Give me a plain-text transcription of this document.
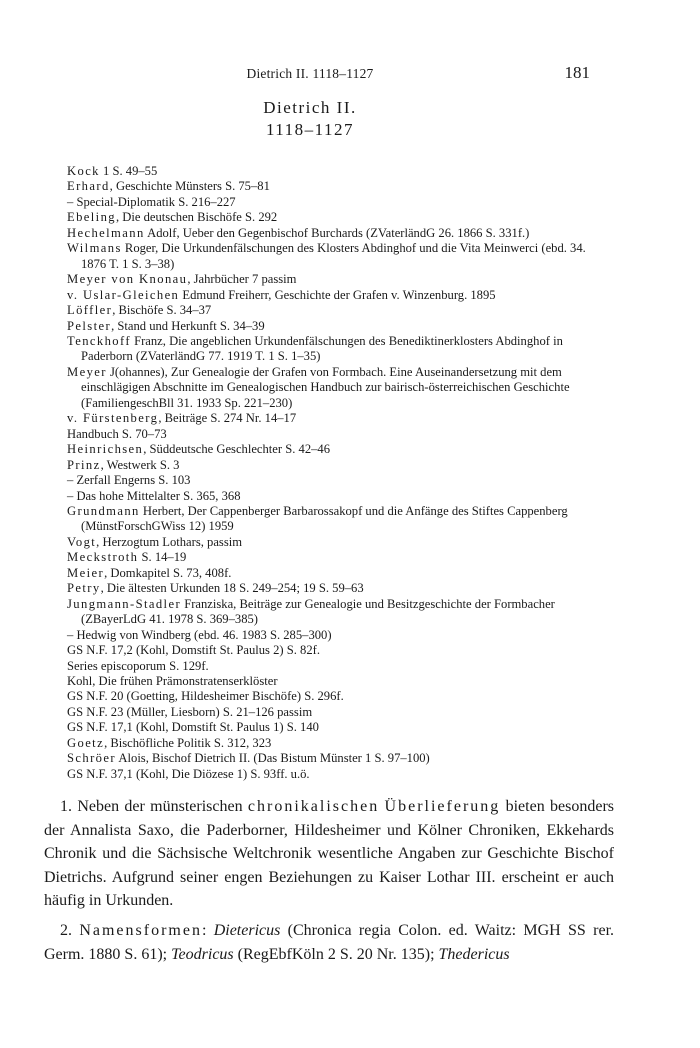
Dietrich II. 1118–1127	181
Dietrich II.
1118–1127
Kock 1 S. 49–55
Erhard, Geschichte Münsters S. 75–81
– Special-Diplomatik S. 216–227
Ebeling, Die deutschen Bischöfe S. 292
Hechelmann Adolf, Ueber den Gegenbischof Burchards (ZVaterländG 26. 1866 S. 331f.)
Wilmans Roger, Die Urkundenfälschungen des Klosters Abdinghof und die Vita Meinwerci (ebd. 34. 1876 T. 1 S. 3–38)
Meyer von Knonau, Jahrbücher 7 passim
v. Uslar-Gleichen Edmund Freiherr, Geschichte der Grafen v. Winzenburg. 1895
Löffler, Bischöfe S. 34–37
Pelster, Stand und Herkunft S. 34–39
Tenckhoff Franz, Die angeblichen Urkundenfälschungen des Benediktinerklosters Abdinghof in Paderborn (ZVaterländG 77. 1919 T. 1 S. 1–35)
Meyer J(ohannes), Zur Genealogie der Grafen von Formbach. Eine Auseinandersetzung mit dem einschlägigen Abschnitte im Genealogischen Handbuch zur bairisch-österreichischen Geschichte (FamiliengeschBll 31. 1933 Sp. 221–230)
v. Fürstenberg, Beiträge S. 274 Nr. 14–17
Handbuch S. 70–73
Heinrichsen, Süddeutsche Geschlechter S. 42–46
Prinz, Westwerk S. 3
– Zerfall Engerns S. 103
– Das hohe Mittelalter S. 365, 368
Grundmann Herbert, Der Cappenberger Barbarossakopf und die Anfänge des Stiftes Cappenberg (MünstForschGWiss 12) 1959
Vogt, Herzogtum Lothars, passim
Meckstroth S. 14–19
Meier, Domkapitel S. 73, 408f.
Petry, Die ältesten Urkunden 18 S. 249–254; 19 S. 59–63
Jungmann-Stadler Franziska, Beiträge zur Genealogie und Besitzgeschichte der Formbacher (ZBayerLdG 41. 1978 S. 369–385)
– Hedwig von Windberg (ebd. 46. 1983 S. 285–300)
GS N.F. 17,2 (Kohl, Domstift St. Paulus 2) S. 82f.
Series episcoporum S. 129f.
Kohl, Die frühen Prämonstratenserklöster
GS N.F. 20 (Goetting, Hildesheimer Bischöfe) S. 296f.
GS N.F. 23 (Müller, Liesborn) S. 21–126 passim
GS N.F. 17,1 (Kohl, Domstift St. Paulus 1) S. 140
Goetz, Bischöfliche Politik S. 312, 323
Schröer Alois, Bischof Dietrich II. (Das Bistum Münster 1 S. 97–100)
GS N.F. 37,1 (Kohl, Die Diözese 1) S. 93ff. u.ö.

1. Neben der münsterischen chronikalischen Überlieferung bieten besonders der Annalista Saxo, die Paderborner, Hildesheimer und Kölner Chroniken, Ekkehards Chronik und die Sächsische Weltchronik wesentliche Angaben zur Geschichte Bischof Dietrichs. Aufgrund seiner engen Beziehungen zu Kaiser Lothar III. erscheint er auch häufig in Urkunden.

2. Namensformen: Dietericus (Chronica regia Colon. ed. Waitz: MGH SS rer. Germ. 1880 S. 61); Teodricus (RegEbfKöln 2 S. 20 Nr. 135); Thedericus
